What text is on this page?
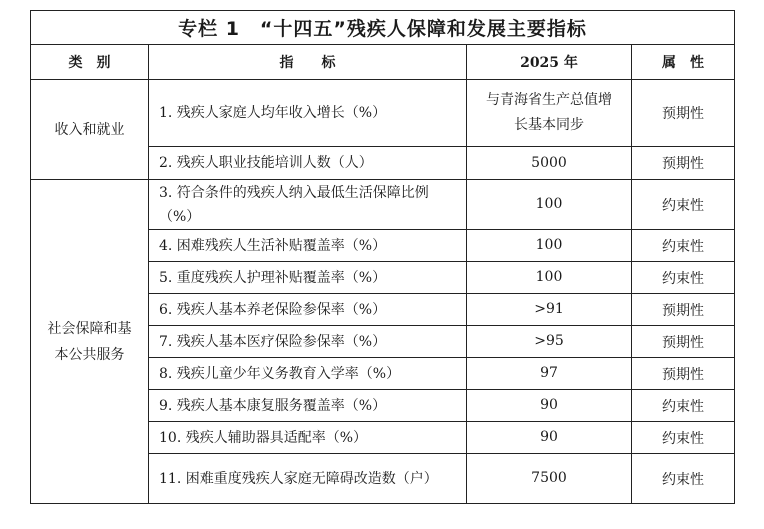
专栏 1　“十四五”残疾人保障和发展主要指标			
类　别	指　　标	2025 年	属　性
收入和就业	1. 残疾人家庭人均年收入增长（%）	与青海省生产总值增长基本同步	预期性
	2. 残疾人职业技能培训人数（人）	5000	预期性
社会保障和基本公共服务	3. 符合条件的残疾人纳入最低生活保障比例（%）	100	约束性
	4. 困难残疾人生活补贴覆盖率（%）	100	约束性
	5. 重度残疾人护理补贴覆盖率（%）	100	约束性
	6. 残疾人基本养老保险参保率（%）	>91	预期性
	7. 残疾人基本医疗保险参保率（%）	>95	预期性
	8. 残疾儿童少年义务教育入学率（%）	97	预期性
	9. 残疾人基本康复服务覆盖率（%）	90	约束性
	10. 残疾人辅助器具适配率（%）	90	约束性
	11. 困难重度残疾人家庭无障碍改造数（户）	7500	约束性
